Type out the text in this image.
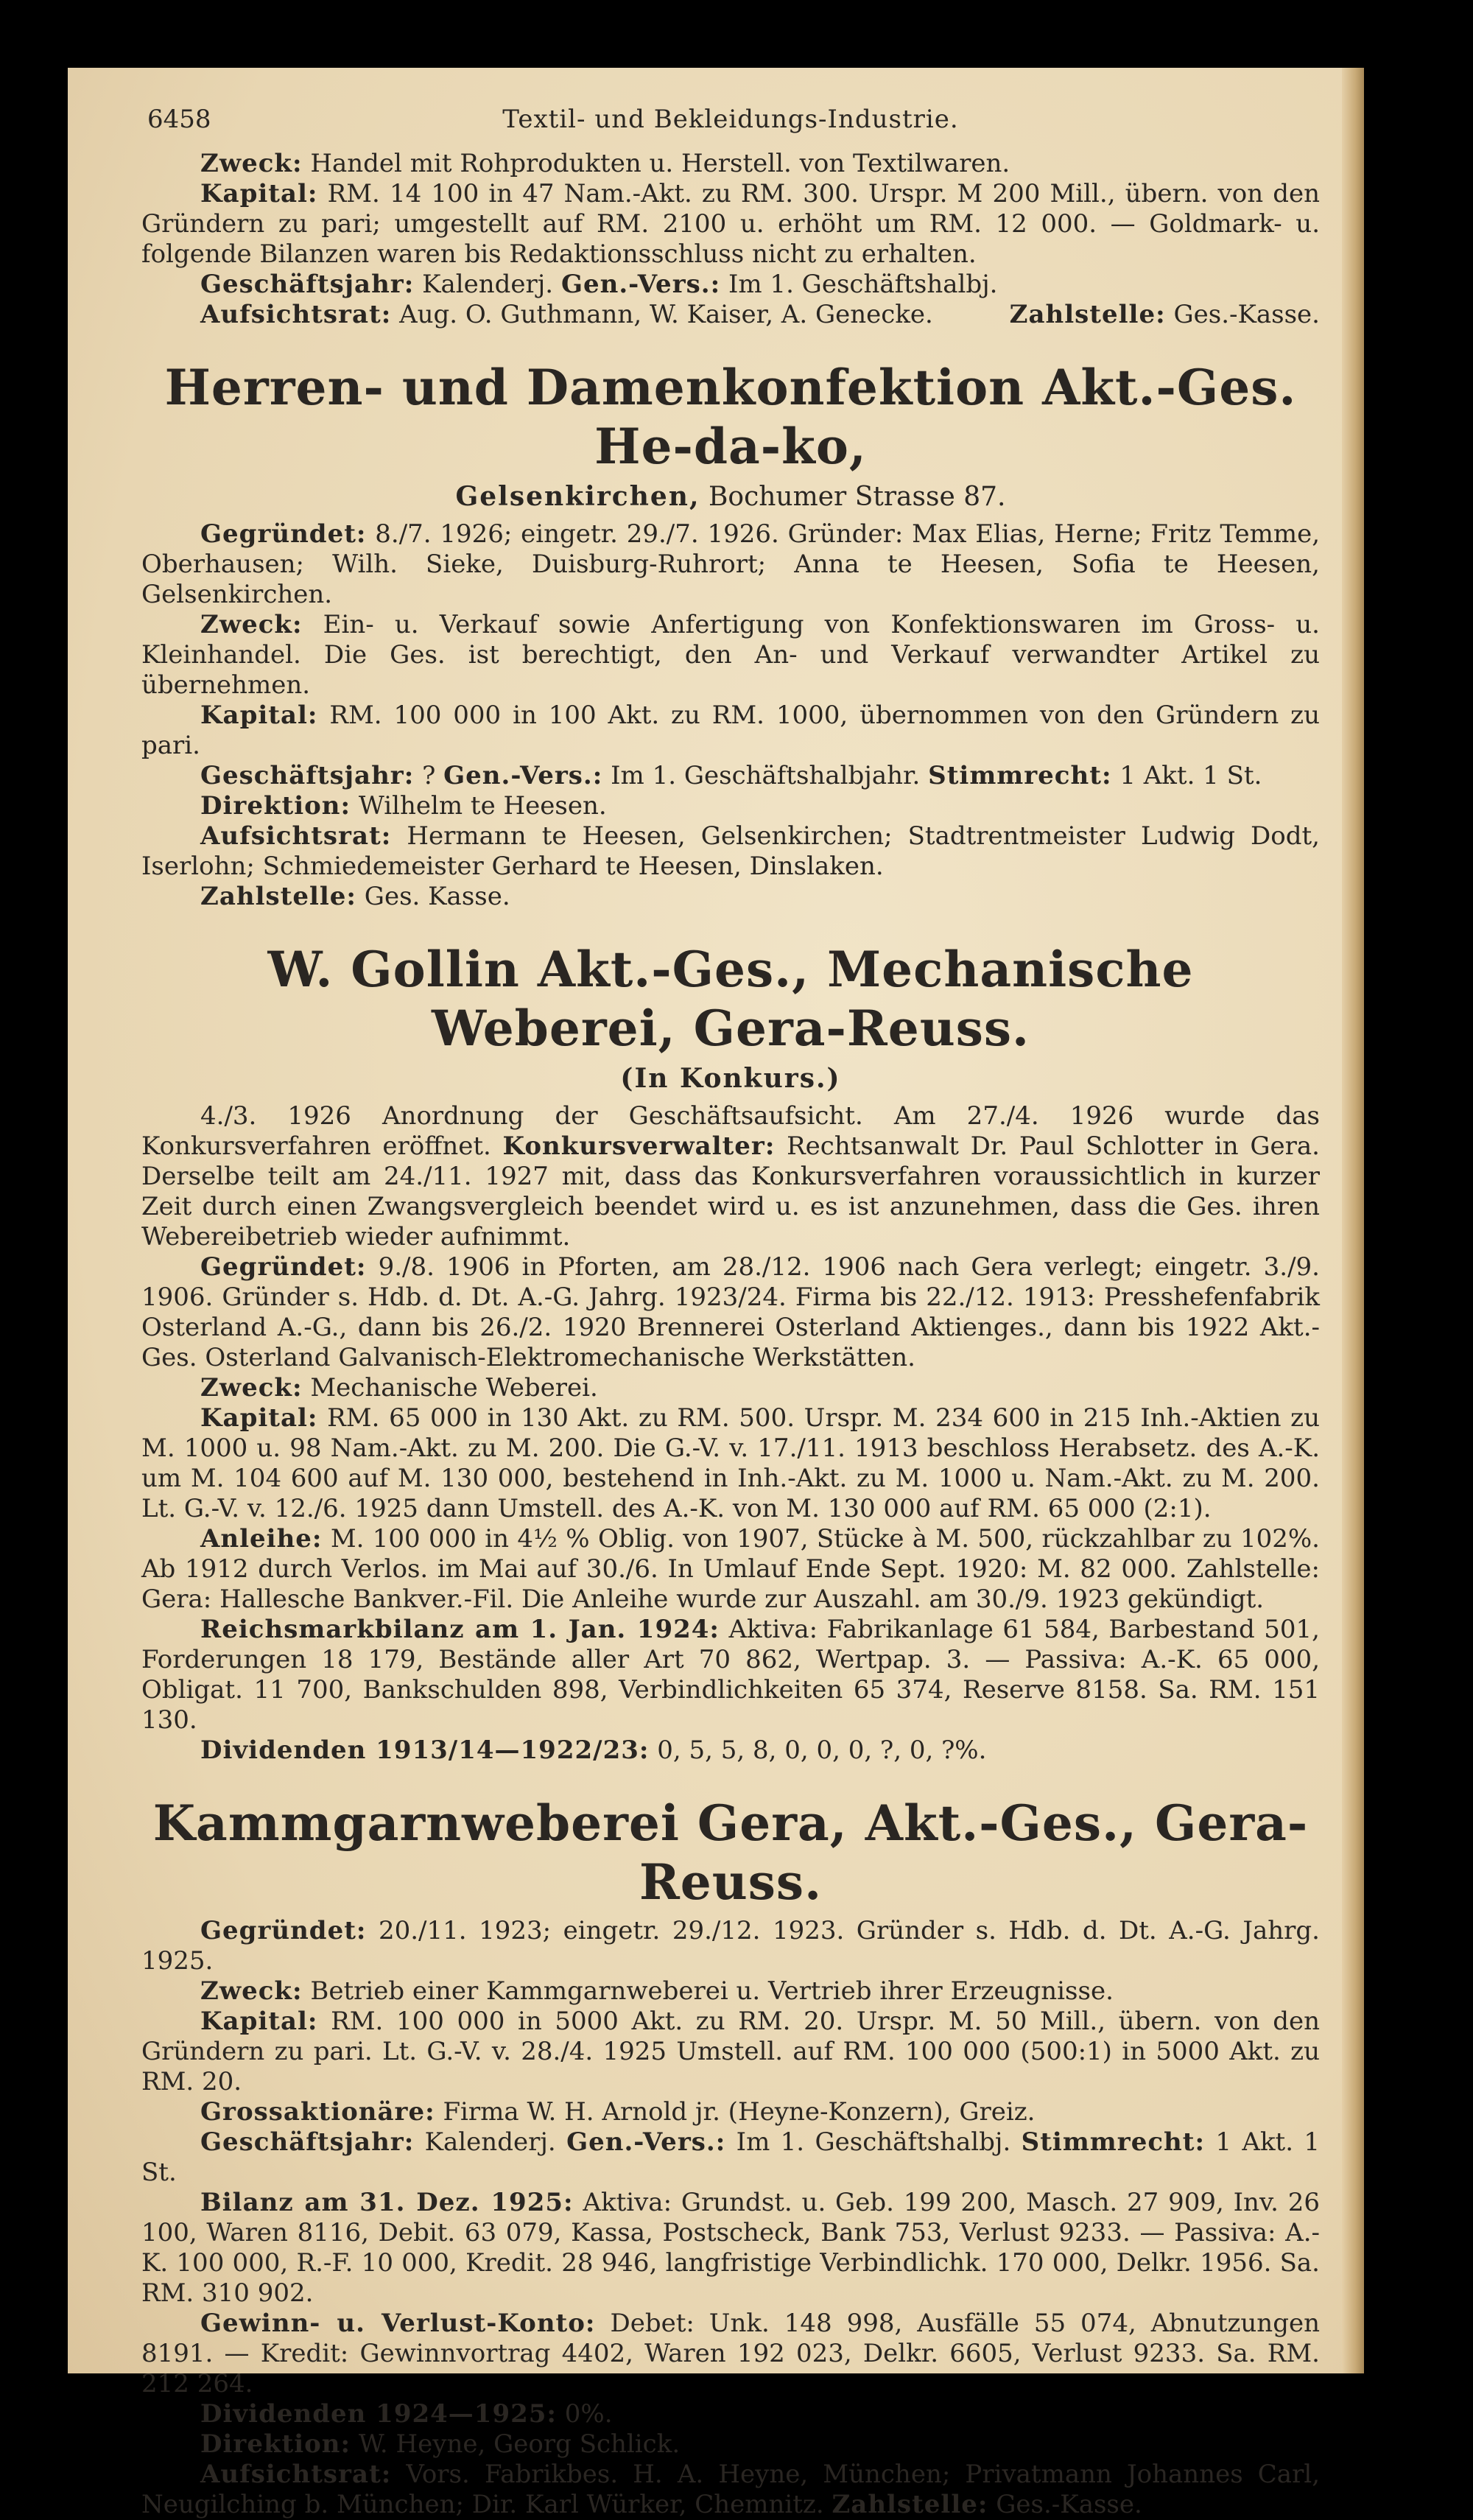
6458	Textil- und Bekleidungs-Industrie.

Zweck: Handel mit Rohprodukten u. Herstell. von Textilwaren.

Kapital: RM. 14 100 in 47 Nam.-Akt. zu RM. 300. Urspr. M 200 Mill., übern. von den Gründern zu pari; umgestellt auf RM. 2100 u. erhöht um RM. 12 000. — Goldmark- u. folgende Bilanzen waren bis Redaktionsschluss nicht zu erhalten.

Geschäftsjahr: Kalenderj. Gen.-Vers.: Im 1. Geschäftshalbj.

Aufsichtsrat: Aug. O. Guthmann, W. Kaiser, A. Genecke.	Zahlstelle: Ges.-Kasse.
Herren- und Damenkonfektion Akt.-Ges. He-da-ko,
Gelsenkirchen, Bochumer Strasse 87.

Gegründet: 8./7. 1926; eingetr. 29./7. 1926. Gründer: Max Elias, Herne; Fritz Temme, Oberhausen; Wilh. Sieke, Duisburg-Ruhrort; Anna te Heesen, Sofia te Heesen, Gelsenkirchen.

Zweck: Ein- u. Verkauf sowie Anfertigung von Konfektionswaren im Gross- u. Kleinhandel. Die Ges. ist berechtigt, den An- und Verkauf verwandter Artikel zu übernehmen.

Kapital: RM. 100 000 in 100 Akt. zu RM. 1000, übernommen von den Gründern zu pari.

Geschäftsjahr: ? Gen.-Vers.: Im 1. Geschäftshalbjahr. Stimmrecht: 1 Akt. 1 St.

Direktion: Wilhelm te Heesen.

Aufsichtsrat: Hermann te Heesen, Gelsenkirchen; Stadtrentmeister Ludwig Dodt, Iserlohn; Schmiedemeister Gerhard te Heesen, Dinslaken.

Zahlstelle: Ges. Kasse.

W. Gollin Akt.-Ges., Mechanische Weberei, Gera-Reuss.
(In Konkurs.)

4./3. 1926 Anordnung der Geschäftsaufsicht. Am 27./4. 1926 wurde das Konkursverfahren eröffnet. Konkursverwalter: Rechtsanwalt Dr. Paul Schlotter in Gera. Derselbe teilt am 24./11. 1927 mit, dass das Konkursverfahren voraussichtlich in kurzer Zeit durch einen Zwangsvergleich beendet wird u. es ist anzunehmen, dass die Ges. ihren Webereibetrieb wieder aufnimmt.

Gegründet: 9./8. 1906 in Pforten, am 28./12. 1906 nach Gera verlegt; eingetr. 3./9. 1906. Gründer s. Hdb. d. Dt. A.-G. Jahrg. 1923/24. Firma bis 22./12. 1913: Presshefenfabrik Osterland A.-G., dann bis 26./2. 1920 Brennerei Osterland Aktienges., dann bis 1922 Akt.-Ges. Osterland Galvanisch-Elektromechanische Werkstätten.

Zweck: Mechanische Weberei.

Kapital: RM. 65 000 in 130 Akt. zu RM. 500. Urspr. M. 234 600 in 215 Inh.-Aktien zu M. 1000 u. 98 Nam.-Akt. zu M. 200. Die G.-V. v. 17./11. 1913 beschloss Herabsetz. des A.-K. um M. 104 600 auf M. 130 000, bestehend in Inh.-Akt. zu M. 1000 u. Nam.-Akt. zu M. 200. Lt. G.-V. v. 12./6. 1925 dann Umstell. des A.-K. von M. 130 000 auf RM. 65 000 (2:1).

Anleihe: M. 100 000 in 4½ % Oblig. von 1907, Stücke à M. 500, rückzahlbar zu 102%. Ab 1912 durch Verlos. im Mai auf 30./6. In Umlauf Ende Sept. 1920: M. 82 000. Zahlstelle: Gera: Hallesche Bankver.-Fil. Die Anleihe wurde zur Auszahl. am 30./9. 1923 gekündigt.

Reichsmarkbilanz am 1. Jan. 1924: Aktiva: Fabrikanlage 61 584, Barbestand 501, Forderungen 18 179, Bestände aller Art 70 862, Wertpap. 3. — Passiva: A.-K. 65 000, Obligat. 11 700, Bankschulden 898, Verbindlichkeiten 65 374, Reserve 8158. Sa. RM. 151 130.

Dividenden 1913/14—1922/23: 0, 5, 5, 8, 0, 0, 0, ?, 0, ?%.

Kammgarnweberei Gera, Akt.-Ges., Gera-Reuss.

Gegründet: 20./11. 1923; eingetr. 29./12. 1923. Gründer s. Hdb. d. Dt. A.-G. Jahrg. 1925.

Zweck: Betrieb einer Kammgarnweberei u. Vertrieb ihrer Erzeugnisse.

Kapital: RM. 100 000 in 5000 Akt. zu RM. 20. Urspr. M. 50 Mill., übern. von den Gründern zu pari. Lt. G.-V. v. 28./4. 1925 Umstell. auf RM. 100 000 (500:1) in 5000 Akt. zu RM. 20.

Grossaktionäre: Firma W. H. Arnold jr. (Heyne-Konzern), Greiz.

Geschäftsjahr: Kalenderj. Gen.-Vers.: Im 1. Geschäftshalbj. Stimmrecht: 1 Akt. 1 St.

Bilanz am 31. Dez. 1925: Aktiva: Grundst. u. Geb. 199 200, Masch. 27 909, Inv. 26 100, Waren 8116, Debit. 63 079, Kassa, Postscheck, Bank 753, Verlust 9233. — Passiva: A.-K. 100 000, R.-F. 10 000, Kredit. 28 946, langfristige Verbindlichk. 170 000, Delkr. 1956. Sa. RM. 310 902.

Gewinn- u. Verlust-Konto: Debet: Unk. 148 998, Ausfälle 55 074, Abnutzungen 8191. — Kredit: Gewinnvortrag 4402, Waren 192 023, Delkr. 6605, Verlust 9233. Sa. RM. 212 264.

Dividenden 1924—1925: 0%.

Direktion: W. Heyne, Georg Schlick.

Aufsichtsrat: Vors. Fabrikbes. H. A. Heyne, München; Privatmann Johannes Carl, Neugilching b. München; Dir. Karl Würker, Chemnitz. Zahlstelle: Ges.-Kasse.
